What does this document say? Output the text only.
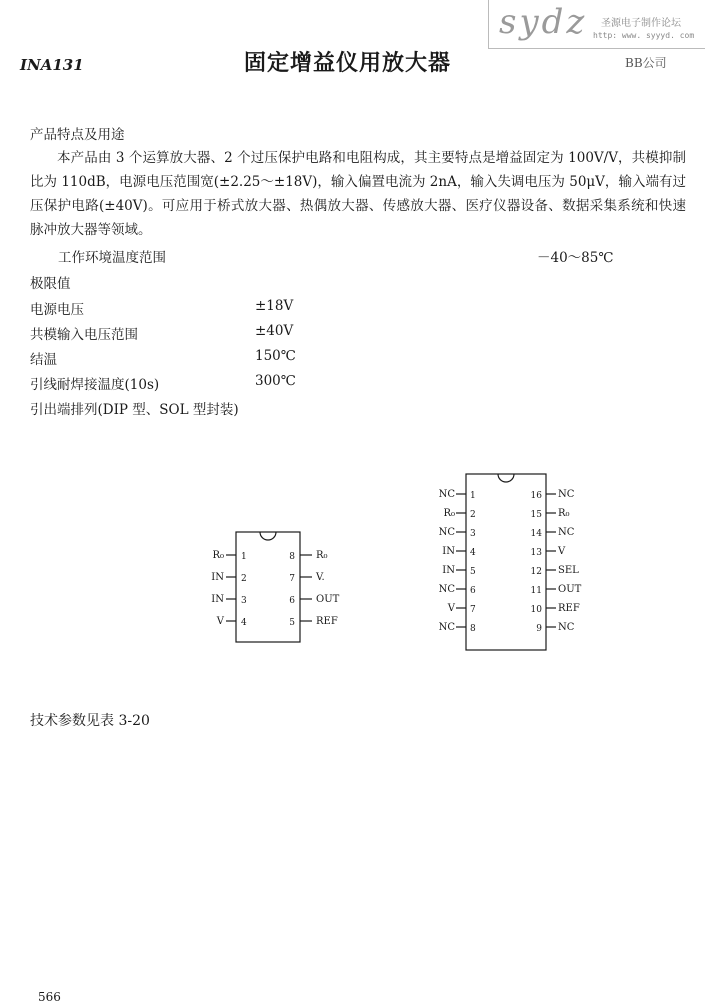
INA131	固定增益仪用放大器	BB公司
sydz 圣源电子制作论坛
http: www. syyyd. com
产品特点及用途
本产品由 3 个运算放大器、2 个过压保护电路和电阻构成，其主要特点是增益固定为 100V/V，共模抑制比为 110dB，电源电压范围宽(±2.25～±18V)，输入偏置电流为 2nA，输入失调电压为 50μV，输入端有过压保护电路(±40V)。可应用于桥式放大器、热偶放大器、传感放大器、医疗仪器设备、数据采集系统和快速脉冲放大器等领域。
工作环境温度范围	－40～85℃
极限值
电源电压	±18V
共模输入电压范围	±40V
结温	150℃
引线耐焊接温度(10s)	300℃
引出端排列(DIP 型、SOL 型封装)
R₀ 1
IN 2
IN 3
V 4
8 R₀
7 V.
6 OUT
5 REF
NC 1
R₀ 2
NC 3
IN 4
IN 5
NC 6
V 7
NC 8
16 NC
15 R₀
14 NC
13 V
12 SEL
11 OUT
10 REF
9 NC
技术参数见表 3-20
566
